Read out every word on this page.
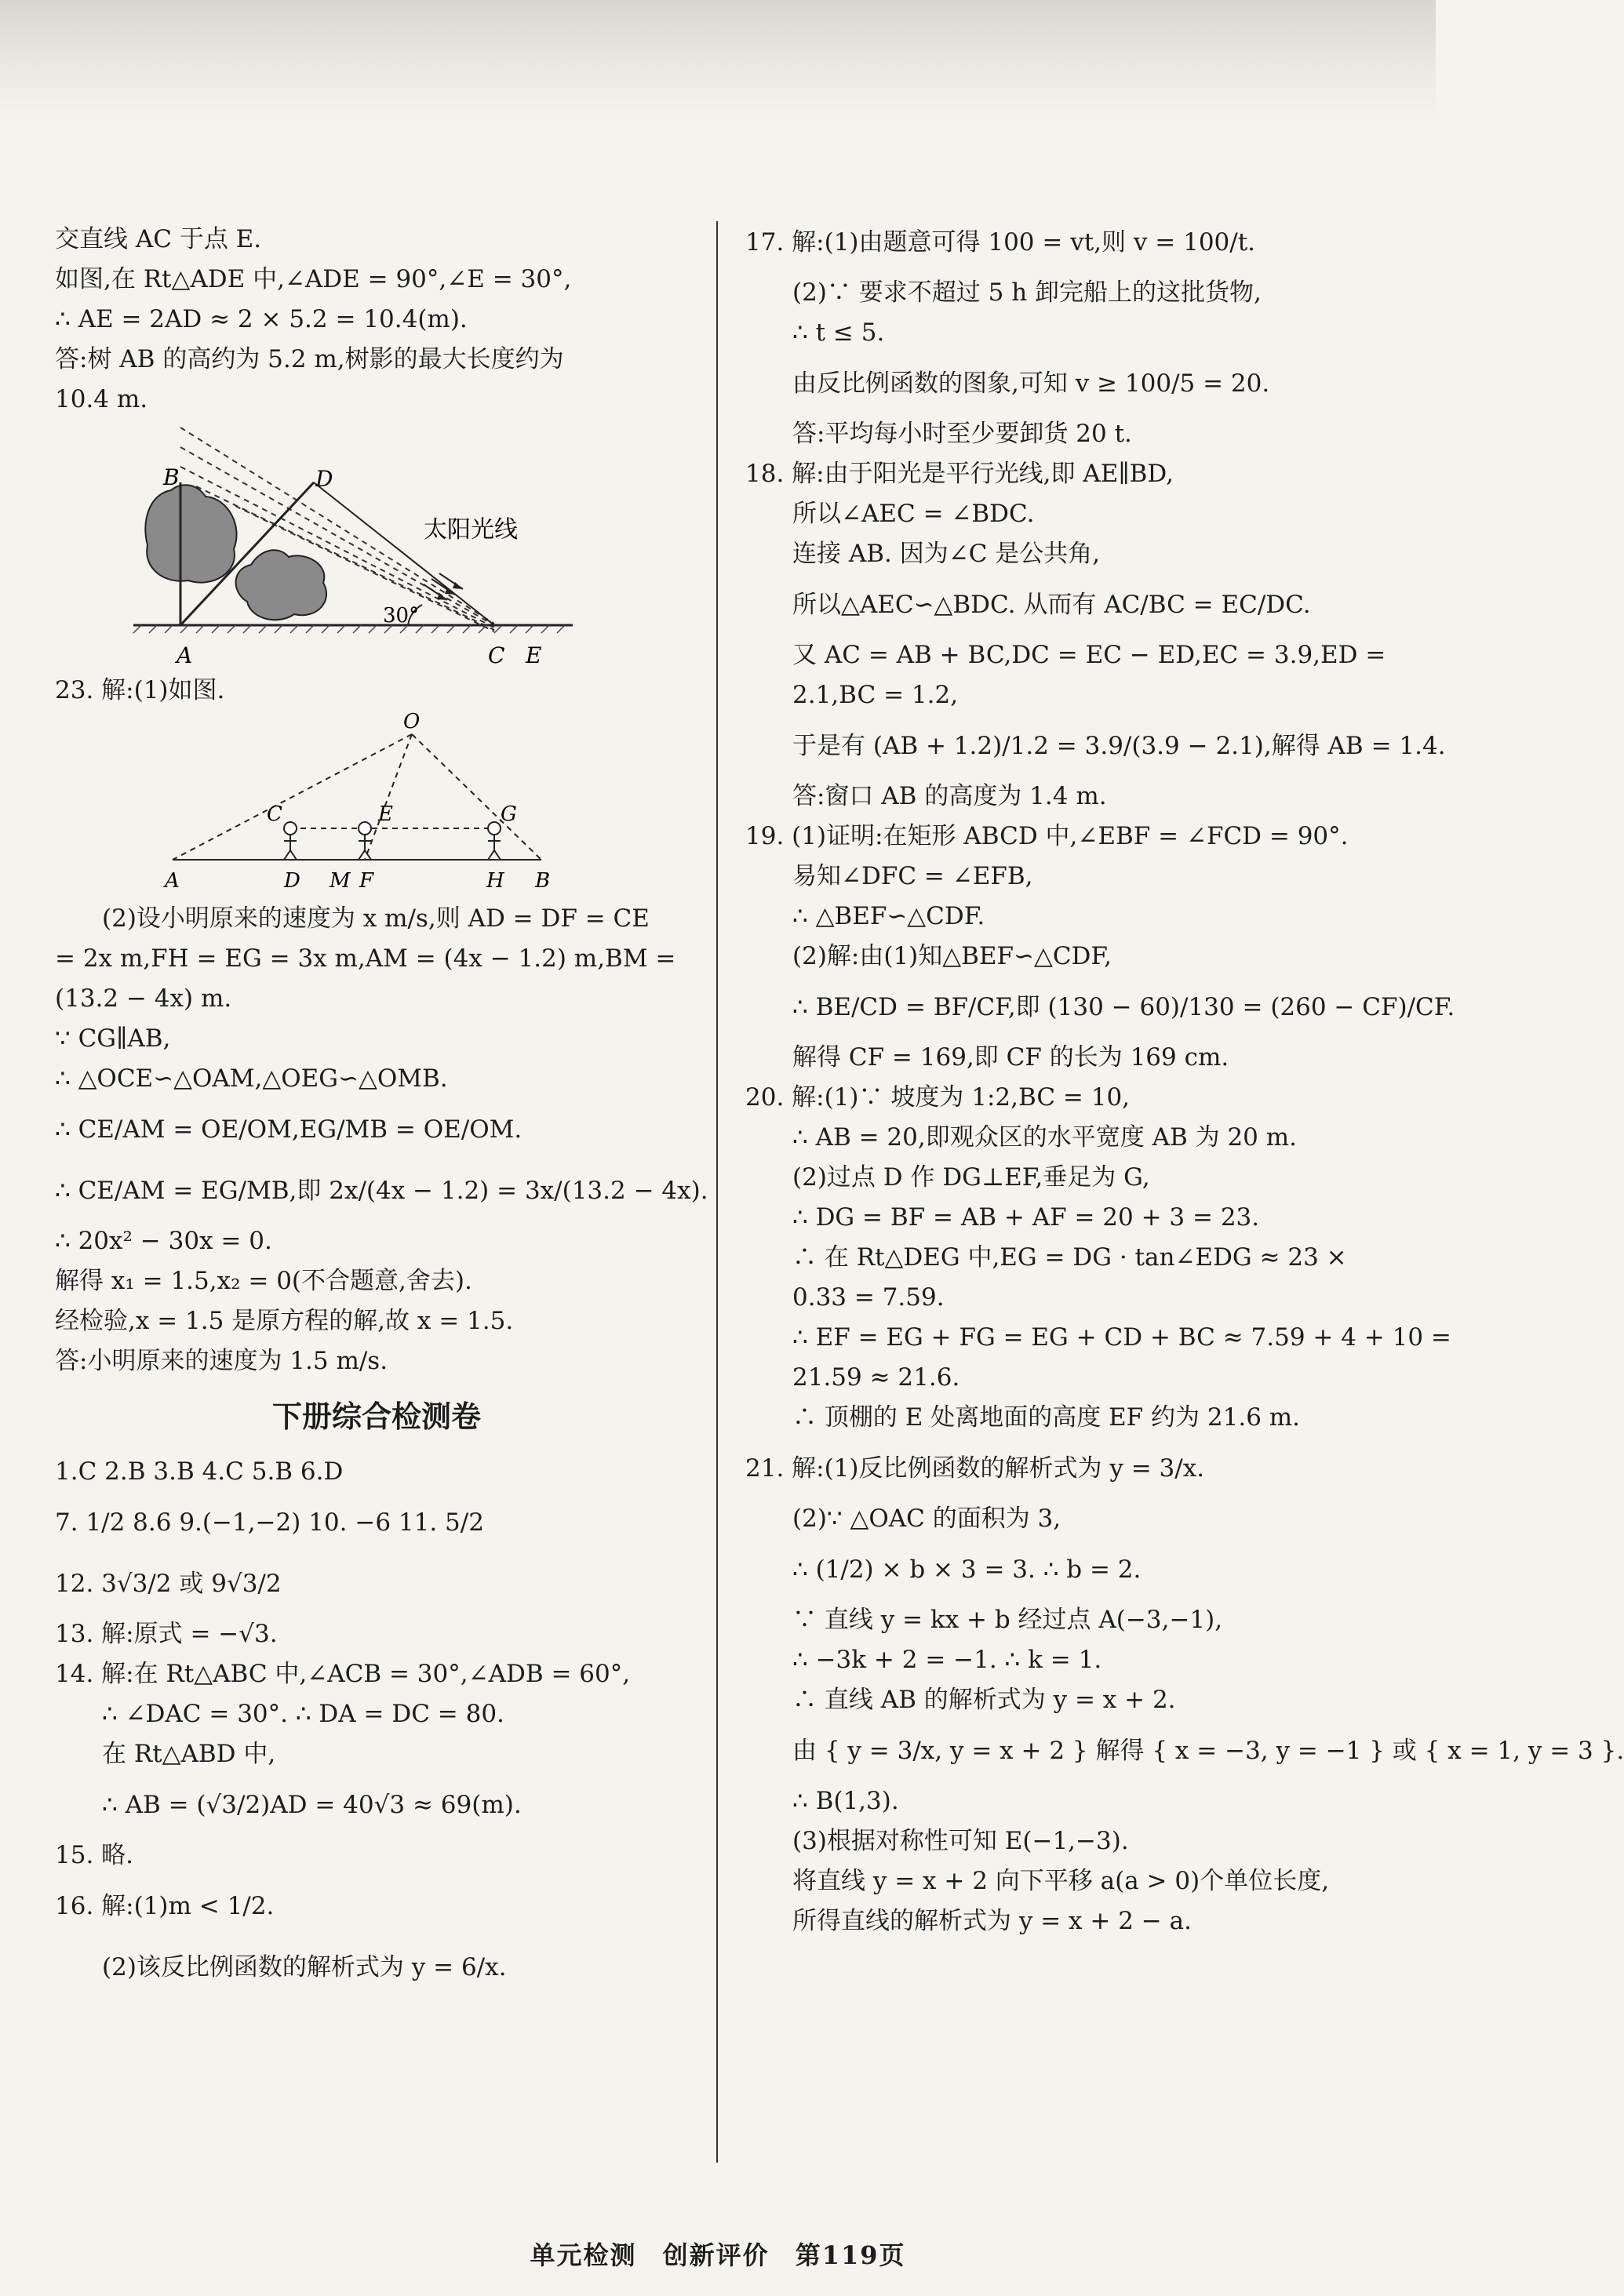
交直线 AC 于点 E.
如图,在 Rt△ADE 中,∠ADE = 90°,∠E = 30°,
∴ AE = 2AD ≈ 2 × 5.2 = 10.4(m).
答:树 AB 的高约为 5.2 m,树影的最大长度约为
10.4 m.
A
B	D
C E
30°
太阳光线
23. 解:(1)如图.
O
C	E	G
A	D M F	H B
(2)设小明原来的速度为 x m/s,则 AD = DF = CE
= 2x m,FH = EG = 3x m,AM = (4x − 1.2) m,BM =
(13.2 − 4x) m.
∵ CG∥AB,
∴ △OCE∽△OAM,△OEG∽△OMB.
∴ CE/AM = OE/OM,EG/MB = OE/OM.
∴ CE/AM = EG/MB,即 2x/(4x − 1.2) = 3x/(13.2 − 4x).
∴ 20x² − 30x = 0.
解得 x₁ = 1.5,x₂ = 0(不合题意,舍去).
经检验,x = 1.5 是原方程的解,故 x = 1.5.
答:小明原来的速度为 1.5 m/s.
下册综合检测卷
1.C 2.B 3.B 4.C 5.B 6.D
7. 1/2 8.6 9.(−1,−2) 10. −6 11. 5/2
12. 3√3/2 或 9√3/2
13. 解:原式 = −√3.
14. 解:在 Rt△ABC 中,∠ACB = 30°,∠ADB = 60°,
∴ ∠DAC = 30°. ∴ DA = DC = 80.
在 Rt△ABD 中,
∴ AB = (√3/2)AD = 40√3 ≈ 69(m).
15. 略.
16. 解:(1)m < 1/2.
(2)该反比例函数的解析式为 y = 6/x.
17. 解:(1)由题意可得 100 = vt,则 v = 100/t.
(2)∵ 要求不超过 5 h 卸完船上的这批货物,
∴ t ≤ 5.
由反比例函数的图象,可知 v ≥ 100/5 = 20.
答:平均每小时至少要卸货 20 t.
18. 解:由于阳光是平行光线,即 AE∥BD,
所以∠AEC = ∠BDC.
连接 AB. 因为∠C 是公共角,
所以△AEC∽△BDC. 从而有 AC/BC = EC/DC.
又 AC = AB + BC,DC = EC − ED,EC = 3.9,ED =
2.1,BC = 1.2,
于是有 (AB + 1.2)/1.2 = 3.9/(3.9 − 2.1),解得 AB = 1.4.
答:窗口 AB 的高度为 1.4 m.
19. (1)证明:在矩形 ABCD 中,∠EBF = ∠FCD = 90°.
易知∠DFC = ∠EFB,
∴ △BEF∽△CDF.
(2)解:由(1)知△BEF∽△CDF,
∴ BE/CD = BF/CF,即 (130 − 60)/130 = (260 − CF)/CF.
解得 CF = 169,即 CF 的长为 169 cm.
20. 解:(1)∵ 坡度为 1:2,BC = 10,
∴ AB = 20,即观众区的水平宽度 AB 为 20 m.
(2)过点 D 作 DG⊥EF,垂足为 G,
∴ DG = BF = AB + AF = 20 + 3 = 23.
∴ 在 Rt△DEG 中,EG = DG · tan∠EDG ≈ 23 ×
0.33 = 7.59.
∴ EF = EG + FG = EG + CD + BC ≈ 7.59 + 4 + 10 =
21.59 ≈ 21.6.
∴ 顶棚的 E 处离地面的高度 EF 约为 21.6 m.
21. 解:(1)反比例函数的解析式为 y = 3/x.
(2)∵ △OAC 的面积为 3,
∴ (1/2) × b × 3 = 3. ∴ b = 2.
∵ 直线 y = kx + b 经过点 A(−3,−1),
∴ −3k + 2 = −1. ∴ k = 1.
∴ 直线 AB 的解析式为 y = x + 2.
由 { y = 3/x, y = x + 2 } 解得 { x = −3, y = −1 } 或 { x = 1, y = 3 }.
∴ B(1,3).
(3)根据对称性可知 E(−1,−3).
将直线 y = x + 2 向下平移 a(a > 0)个单位长度,
所得直线的解析式为 y = x + 2 − a.
单元检测 创新评价 第119页
